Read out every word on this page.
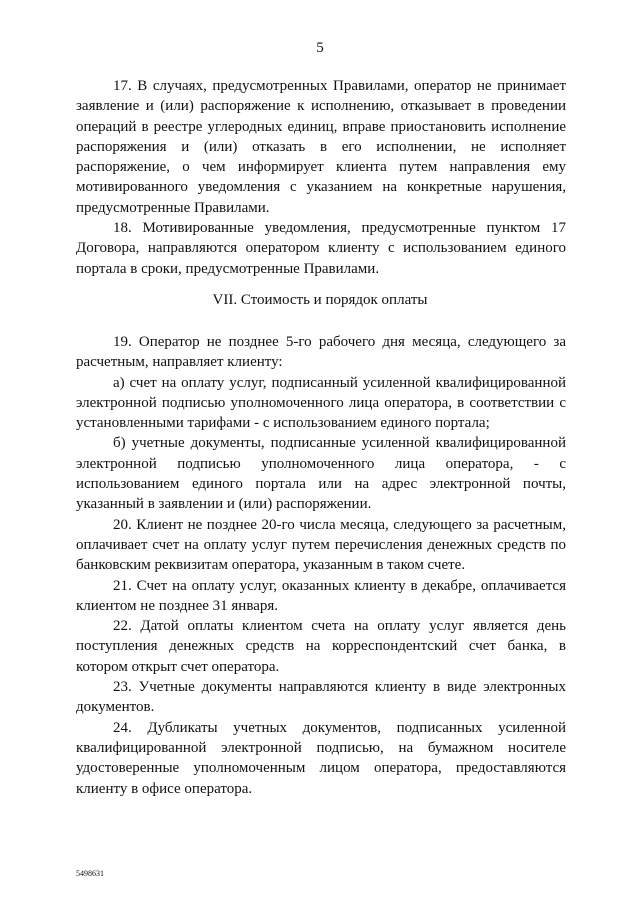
5

17. В случаях, предусмотренных Правилами, оператор не принимает заявление и (или) распоряжение к исполнению, отказывает в проведении операций в реестре углеродных единиц, вправе приостановить исполнение распоряжения и (или) отказать в его исполнении, не исполняет распоряжение, о чем информирует клиента путем направления ему мотивированного уведомления с указанием на конкретные нарушения, предусмотренные Правилами.

18. Мотивированные уведомления, предусмотренные пунктом 17 Договора, направляются оператором клиенту с использованием единого портала в сроки, предусмотренные Правилами.

VII. Стоимость и порядок оплаты

19. Оператор не позднее 5-го рабочего дня месяца, следующего за расчетным, направляет клиенту:

а) счет на оплату услуг, подписанный усиленной квалифицированной электронной подписью уполномоченного лица оператора, в соответствии с установленными тарифами - с использованием единого портала;

б) учетные документы, подписанные усиленной квалифицированной электронной подписью уполномоченного лица оператора, - с использованием единого портала или на адрес электронной почты, указанный в заявлении и (или) распоряжении.

20. Клиент не позднее 20-го числа месяца, следующего за расчетным, оплачивает счет на оплату услуг путем перечисления денежных средств по банковским реквизитам оператора, указанным в таком счете.

21. Счет на оплату услуг, оказанных клиенту в декабре, оплачивается клиентом не позднее 31 января.

22. Датой оплаты клиентом счета на оплату услуг является день поступления денежных средств на корреспондентский счет банка, в котором открыт счет оператора.

23. Учетные документы направляются клиенту в виде электронных документов.

24. Дубликаты учетных документов, подписанных усиленной квалифицированной электронной подписью, на бумажном носителе удостоверенные уполномоченным лицом оператора, предоставляются клиенту в офисе оператора.

5498631
